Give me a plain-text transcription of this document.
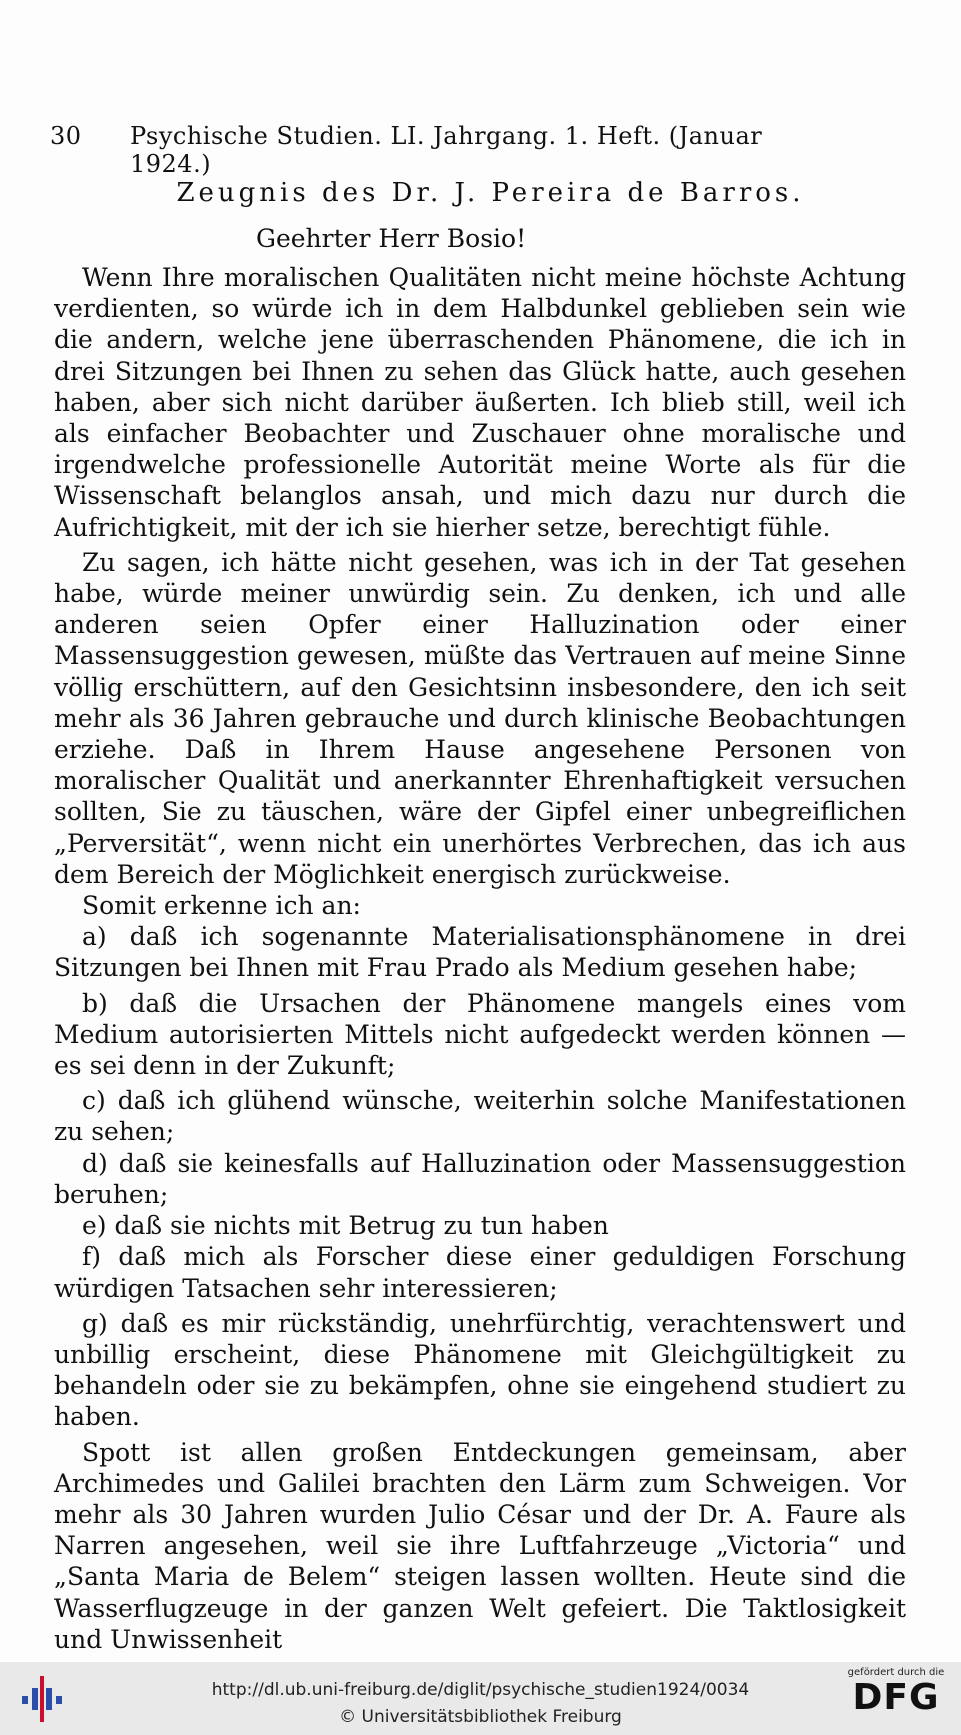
30 Psychische Studien. LI. Jahrgang. 1. Heft. (Januar 1924.)
Zeugnis des Dr. J. Pereira de Barros.
Geehrter Herr Bosio!

Wenn Ihre moralischen Qualitäten nicht meine höchste Achtung verdienten, so würde ich in dem Halbdunkel geblieben sein wie die andern, welche jene überraschenden Phänomene, die ich in drei Sitzungen bei Ihnen zu sehen das Glück hatte, auch gesehen haben, aber sich nicht darüber äußerten. Ich blieb still, weil ich als einfacher Beobachter und Zuschauer ohne moralische und irgendwelche professionelle Autorität meine Worte als für die Wissenschaft belanglos ansah, und mich dazu nur durch die Aufrichtigkeit, mit der ich sie hierher setze, berechtigt fühle.

Zu sagen, ich hätte nicht gesehen, was ich in der Tat gesehen habe, würde meiner unwürdig sein. Zu denken, ich und alle anderen seien Opfer einer Halluzination oder einer Massensuggestion gewesen, müßte das Vertrauen auf meine Sinne völlig erschüttern, auf den Gesichtsinn insbesondere, den ich seit mehr als 36 Jahren gebrauche und durch klinische Beobachtungen erziehe. Daß in Ihrem Hause angesehene Personen von moralischer Qualität und anerkannter Ehrenhaftigkeit versuchen sollten, Sie zu täuschen, wäre der Gipfel einer unbegreiflichen „Perversität“, wenn nicht ein unerhörtes Verbrechen, das ich aus dem Bereich der Möglichkeit energisch zurückweise.

Somit erkenne ich an:

a) daß ich sogenannte Materialisationsphänomene in drei Sitzungen bei Ihnen mit Frau Prado als Medium gesehen habe;

b) daß die Ursachen der Phänomene mangels eines vom Medium autorisierten Mittels nicht aufgedeckt werden können — es sei denn in der Zukunft;

c) daß ich glühend wünsche, weiterhin solche Manifestationen zu sehen;

d) daß sie keinesfalls auf Halluzination oder Massensuggestion beruhen;

e) daß sie nichts mit Betrug zu tun haben

f) daß mich als Forscher diese einer geduldigen Forschung würdigen Tatsachen sehr interessieren;

g) daß es mir rückständig, unehrfürchtig, verachtenswert und unbillig erscheint, diese Phänomene mit Gleichgültigkeit zu behandeln oder sie zu bekämpfen, ohne sie eingehend studiert zu haben.

Spott ist allen großen Entdeckungen gemeinsam, aber Archimedes und Galilei brachten den Lärm zum Schweigen. Vor mehr als 30 Jahren wurden Julio César und der Dr. A. Faure als Narren angesehen, weil sie ihre Luftfahrzeuge „Victoria“ und „Santa Maria de Belem“ steigen lassen wollten. Heute sind die Wasserflugzeuge in der ganzen Welt gefeiert. Die Taktlosigkeit und Unwissenheit

http://dl.ub.uni-freiburg.de/diglit/psychische_studien1924/0034
© Universitätsbibliothek Freiburg
gefördert durch die
DFG
